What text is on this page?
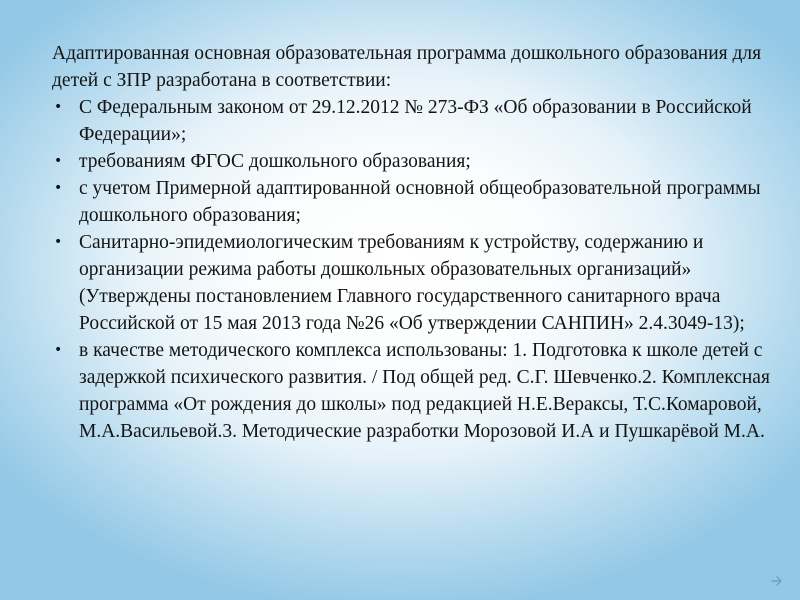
Адаптированная основная образовательная программа дошкольного образования для детей с ЗПР разработана в соответствии:

• С Федеральным законом от 29.12.2012 № 273-ФЗ «Об образовании в Российской Федерации»;
• требованиям ФГОС дошкольного образования;
• с учетом Примерной адаптированной основной общеобразовательной программы дошкольного образования;
• Санитарно-эпидемиологическим требованиям к устройству, содержанию и организации режима работы дошкольных образовательных организаций» (Утверждены постановлением Главного государственного санитарного врача Российской от 15 мая 2013 года №26 «Об утверждении САНПИН» 2.4.3049-13);
• в качестве методического комплекса использованы: 1. Подготовка к школе детей с задержкой психического развития. / Под общей ред. С.Г. Шевченко.2. Комплексная программа «От рождения до школы» под редакцией Н.Е.Вераксы, Т.С.Комаровой, М.А.Васильевой.3. Методические разработки Морозовой И.А и Пушкарёвой М.А.
